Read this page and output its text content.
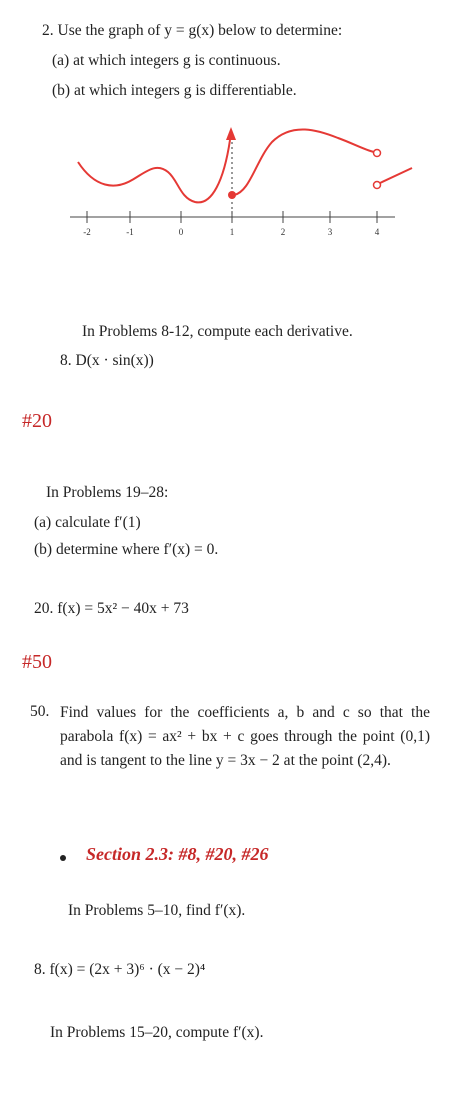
2. Use the graph of y = g(x) below to determine:
(a) at which integers g is continuous.
(b) at which integers g is differentiable.
-2	-1	0	1	2	3	4
In Problems 8-12, compute each derivative.
8. D(x · sin(x))
#20
In Problems 19–28:
(a) calculate f′(1)
(b) determine where f′(x) = 0.
20. f(x) = 5x² − 40x + 73
#50
50. Find values for the coefficients a, b and c so that the parabola f(x) = ax² + bx + c goes through the point (0,1) and is tangent to the line y = 3x − 2 at the point (2,4).
Section 2.3: #8, #20, #26
In Problems 5–10, find f′(x).
8. f(x) = (2x + 3)⁶ · (x − 2)⁴
In Problems 15–20, compute f′(x).
